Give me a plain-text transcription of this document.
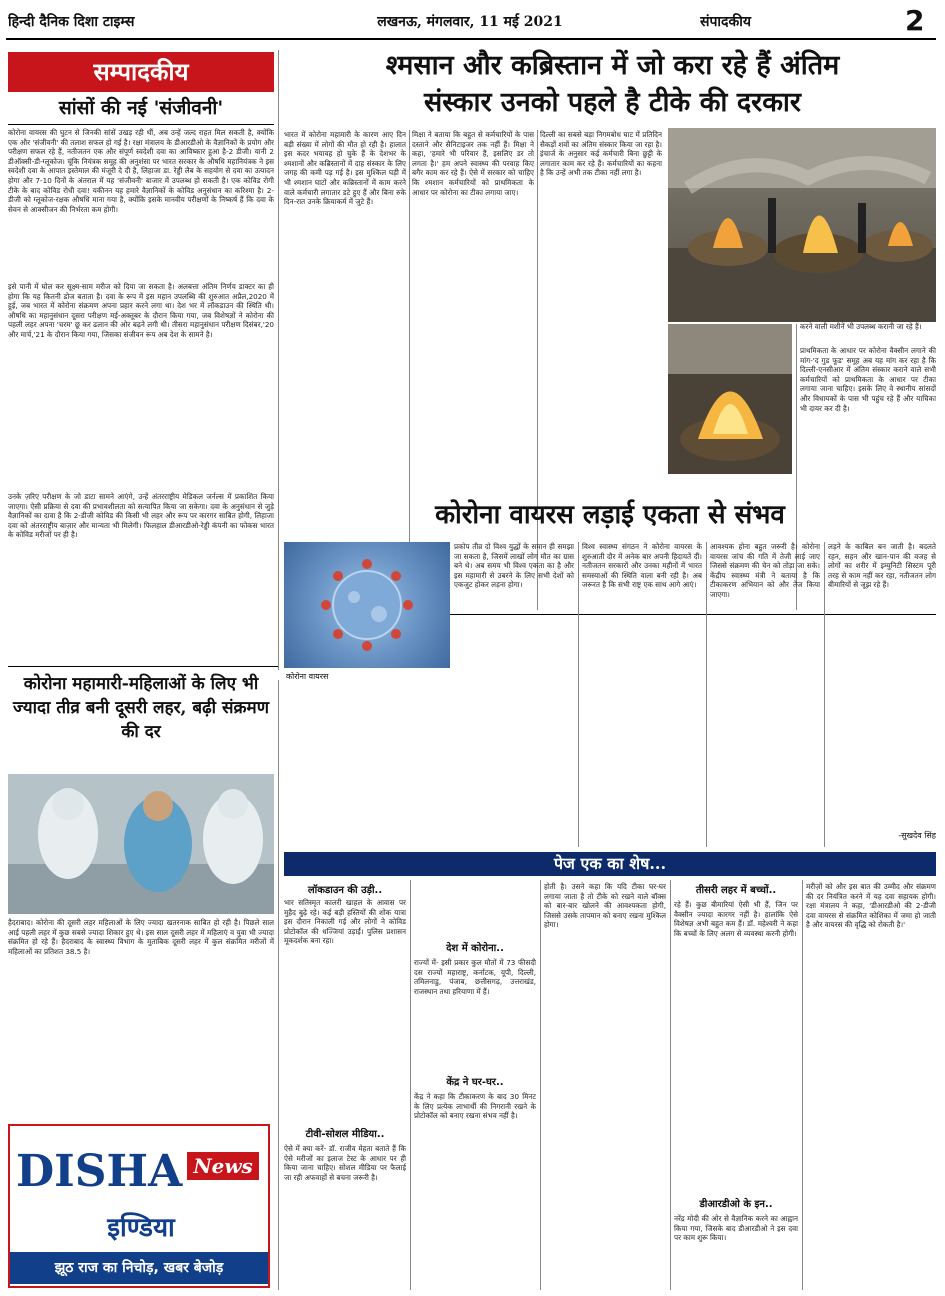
हिन्दी दैनिक दिशा टाइम्स	लखनऊ, मंगलवार, 11 मई 2021	संपादकीय	2
सम्पादकीय
सांसों की नई 'संजीवनी'
कोरोना वायरस की घुटन से जिनकी सांसें उखड़ रही थीं, अब उन्हें जल्द राहत मिल सकती है, क्योंकि एक और 'संजीवनी' की तलाश सफल हो गई है। रक्षा मंत्रालय के डीआरडीओ के वैज्ञानिकों के प्रयोग और परीक्षण सफल रहे हैं, नतीजतन एक और संपूर्ण स्वदेशी दवा का आविष्कार हुआ है-2 डीजी। यानी 2 डीऑक्सी-डी-ग्लूकोज। चूंकि नियंत्रक समूह की अनुशंसा पर भारत सरकार के औषधि महानियंत्रक ने इस स्वदेशी दवा के आपात इस्तेमाल की मंजूरी दे दी है, लिहाजा डा. रेड्डी लैब के सहयोग से दवा का उत्पादन होगा और 7-10 दिनों के अंतराल में यह 'संजीवनी' बाजार में उपलब्ध हो सकती है। एक कोविड रोगी टीके के बाद कोविड रोधी दवा! यकीनन यह हमारे वैज्ञानिकों के कोविड अनुसंधान का करिश्मा है। 2-डीजी को ग्लूकोज-रक्षक औषधि माना गया है, क्योंकि इसके मानवीय परीक्षणों के निष्कर्ष हैं कि दवा के सेवन से आक्सीजन की निर्भरता कम होगी।
इसे पानी में घोल कर सूक्ष्म-साम मरीज को दिया जा सकता है। अलबत्ता अंतिम निर्णय डाक्टर का ही होगा कि यह कितनी डोज बताता है। दवा के रूप में इस महान उपलब्धि की शुरुआत अप्रैल,2020 में हुई, जब भारत में कोरोना संक्रमण अपना प्रहार करने लगा था। देश भर में लॉकडाउन की स्थिति थी। औषधि का महानुसंधान दूसरा परीक्षण मई-अक्तूबर के दौरान किया गया, जब विशेषज्ञों ने कोरोना की पहली लहर अपना 'चरम' छू कर ढलान की ओर बढ़ने लगी थी। तीसरा महानुसंधान परीक्षण दिसंबर,'20 और मार्च,'21 के दौरान किया गया, जिसका संजीवन रूप अब देश के सामने है।
उनके ज़रिए परीक्षण के जो डाटा सामने आएंगे, उन्हें अंतरराष्ट्रीय मेडिकल जर्नल्स में प्रकाशित किया जाएगा। ऐसी प्रक्रिया से दवा की प्रभावशीलता को सत्यापित किया जा सकेगा। दवा के अनुसंधान से जुड़े वैज्ञानिकों का दावा है कि 2-डीजी कोविड की किसी भी लहर और रूप पर कारगर साबित होगी, लिहाजा दवा को अंतरराष्ट्रीय बाज़ार और मान्यता भी मिलेगी। फिलहाल डीआरडीओ-रेड्डी कंपनी का फोकस भारत के कोविड मरीजों पर ही है।
श्मसान और कब्रिस्तान में जो करा रहे हैं अंतिम
संस्कार उनको पहले है टीके की दरकार
भारत में कोरोना महामारी के कारण आए दिन बड़ी संख्या में लोगों की मौत हो रही है। हालात इस कदर भयावह हो चुके हैं के देशभर के श्मशानों और कब्रिस्तानों में दाह संस्कार के लिए जगह की कमी पड़ गई है। इस मुश्किल घड़ी में भी श्मशान घाटों और कब्रिस्तानों में काम करने वाले कर्मचारी लगातार डटे हुए हैं और बिना रुके दिन-रात उनके क्रियाकर्म में जुटे हैं।
मिक्षा ने बताया कि बहुत से कर्मचारियों के पास दस्ताने और सैनिटाइजर तक नहीं हैं। मिक्षा ने कहा, 'हमारे भी परिवार हैं, इसलिए डर तो लगता है।' हम अपने स्वास्थ्य की परवाह किए बगैर काम कर रहे हैं। ऐसे में सरकार को चाहिए कि श्मशान कर्मचारियों को प्राथमिकता के आधार पर कोरोना का टीका लगाया जाए।
दिल्ली का सबसे बड़ा निगमबोध घाट में प्रतिदिन सैकड़ों शवों का अंतिम संस्कार किया जा रहा है। इंचार्ज के अनुसार कई कर्मचारी बिना छुट्टी के लगातार काम कर रहे हैं। कर्मचारियों का कहना है कि उन्हें अभी तक टीका नहीं लगा है।
करने वाली मशीनें भी उपलब्ध करानी जा रहे हैं।
प्राथमिकता के आधार पर कोरोना वैक्सीन लगाने की मांग-'द गुड फूड' समूह अब यह मांग कर रहा है कि दिल्ली-एनसीआर में अंतिम संस्कार कराने वाले सभी कर्मचारियों को प्राथमिकता के आधार पर टीका लगाया जाना चाहिए। इसके लिए वे स्थानीय सांसदों और विधायकों के पास भी पहुंच रहे हैं और याचिका भी दायर कर दी है।
कोरोना वायरस लड़ाई एकता से संभव
कोरोना वायरस
प्रकोप तीव्र दो विश्व युद्धों के समान ही समझा जा सकता है, जिसमें लाखों लोग मौत का ग्रास बने थे। अब समय भी विश्व एकता का है और इस महामारी से उबरने के लिए सभी देशों को एकजुट होकर लड़ना होगा।
विश्व स्वास्थ्य संगठन ने कोरोना वायरस के शुरुआती दौर में अनेक बार अपनी हिदायतें दीं। नतीजतन सरकारों और उनका महीनों में भारत समस्याओं की स्थिति वाला बनी रही है। अब जरूरत है कि सभी राष्ट्र एक साथ आगे आएं।
आवश्यक होना बहुत जरूरी है। कोरोना वायरस जांच की गति में तेजी लाई जाए जिससे संक्रमण की चेन को तोड़ा जा सके। केंद्रीय स्वास्थ्य मंत्री ने बताया है कि टीकाकरण अभियान को और तेज किया जाएगा।
लड़ने के काबिल बन जाती है। बदलते रहन, सहन और खान-पान की वजह से लोगों का शरीर में इम्युनिटी सिस्टम पूरी तरह से काम नहीं कर रहा, नतीजतन लोग बीमारियों से जूझ रहे हैं।
-सुखदेव सिंह
कोरोना महामारी-महिलाओं के लिए भी ज्यादा तीव्र बनी दूसरी लहर, बढ़ी संक्रमण की दर
हैदराबाद। कोरोना की दूसरी लहर महिलाओं के लिए ज्यादा खतरनाक साबित हो रही है। पिछले साल आई पहली लहर में कुछ सबसे ज्यादा शिकार हुए थे। इस साल दूसरी लहर में महिलाएं व युवा भी ज्यादा संक्रमित हो रहे हैं। हैदराबाद के स्वास्थ्य विभाग के मुताबिक दूसरी लहर में कुल संक्रमित मरीजों में महिलाओं का प्रतिशत 38.5 है।
DISHA News
इण्डिया
झूठ राज का निचोड़, खबर बेजोड़
पेज एक का शेष...
लॉकडाउन की उड़ी..
भार सतिस्मृत कालरी खाहल के आवास पर मुहैद बुढ़े रहे। कई बड़ी हस्तियों की शोक यात्रा इस दौरान निकाली गई और लोगों ने कोविड प्रोटोकॉल की धज्जियां उड़ाईं। पुलिस प्रशासन मूकदर्शक बना रहा।
टीवी-सोशल मीडिया..
ऐसे में क्या करें- डॉ. राजीव मेहता बताते हैं कि ऐसे मरीजों का इलाज टेस्ट के आधार पर ही किया जाना चाहिए। सोशल मीडिया पर फैलाई जा रही अफवाहों से बचना जरूरी है।
देश में कोरोना..
राज्यों में- इसी प्रकार कुल मौतों में 73 फीसदी दस राज्यों महाराष्ट्र, कर्नाटक, यूपी, दिल्ली, तमिलनाडु, पंजाब, छत्तीसगढ़, उत्तराखंड, राजस्थान तथा हरियाणा में हैं।
केंद्र ने घर-घर..
केंद्र ने कहा कि टीकाकरण के बाद 30 मिनट के लिए प्रत्येक लाभार्थी की निगरानी रखने के प्रोटोकॉल को बनाए रखना संभव नहीं है।
होती है। उसने कहा कि यदि टीका घर-घर लगाया जाता है तो टीके को रखने वाले बॉक्स को बार-बार खोलने की आवश्यकता होगी, जिससे उसके तापमान को बनाए रखना मुश्किल होगा।
तीसरी लहर में बच्चों..
रहे हैं। कुछ बीमारियां ऐसी भी हैं, जिन पर वैक्सीन ज्यादा कारगर नहीं है। हालांकि ऐसे विशेषज्ञ अभी बहुत कम हैं। डॉ. महेश्वरी ने कहा कि बच्चों के लिए अलग से व्यवस्था करनी होगी।
डीआरडीओ के इन..
नरेंद्र मोदी की ओर से वैज्ञानिक करने का आह्वान किया गया, जिसके बाद डीआरडीओ ने इस दवा पर काम शुरू किया।
मरीज़ों को और इस बात की उम्मीद और संक्रमण की दर नियंत्रित करने में यह दवा सहायक होगी। रक्षा मंत्रालय ने कहा, 'डीआरडीओ की 2-डीजी दवा वायरस से संक्रमित कोशिका में जमा हो जाती है और वायरस की वृद्धि को रोकती है।'
